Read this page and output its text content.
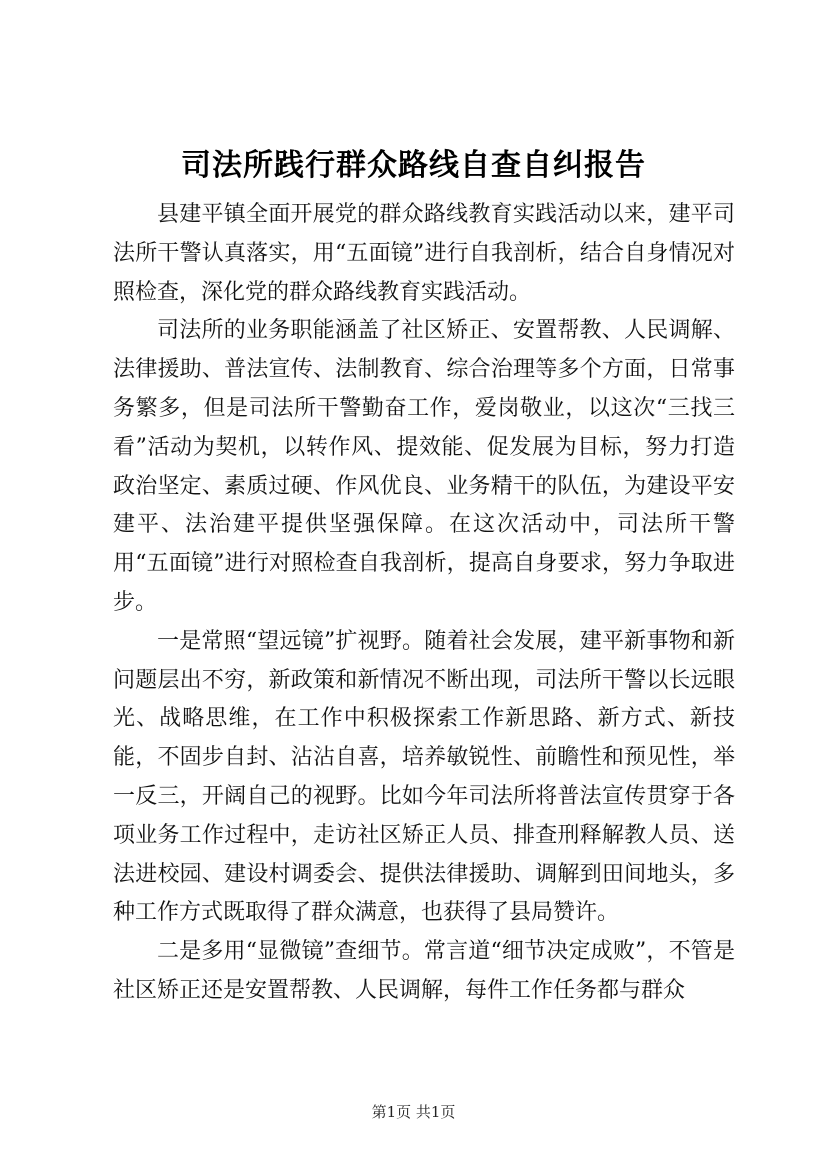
司法所践行群众路线自查自纠报告

县建平镇全面开展党的群众路线教育实践活动以来，建平司法所干警认真落实，用“五面镜”进行自我剖析，结合自身情况对照检查，深化党的群众路线教育实践活动。

司法所的业务职能涵盖了社区矫正、安置帮教、人民调解、法律援助、普法宣传、法制教育、综合治理等多个方面，日常事务繁多，但是司法所干警勤奋工作，爱岗敬业，以这次“三找三看”活动为契机，以转作风、提效能、促发展为目标，努力打造政治坚定、素质过硬、作风优良、业务精干的队伍，为建设平安建平、法治建平提供坚强保障。在这次活动中，司法所干警用“五面镜”进行对照检查自我剖析，提高自身要求，努力争取进步。

一是常照“望远镜”扩视野。随着社会发展，建平新事物和新问题层出不穷，新政策和新情况不断出现，司法所干警以长远眼光、战略思维，在工作中积极探索工作新思路、新方式、新技能，不固步自封、沾沾自喜，培养敏锐性、前瞻性和预见性，举一反三，开阔自己的视野。比如今年司法所将普法宣传贯穿于各项业务工作过程中，走访社区矫正人员、排查刑释解教人员、送法进校园、建设村调委会、提供法律援助、调解到田间地头，多种工作方式既取得了群众满意，也获得了县局赞许。

二是多用“显微镜”查细节。常言道“细节决定成败”，不管是社区矫正还是安置帮教、人民调解，每件工作任务都与群众

第1页 共1页
